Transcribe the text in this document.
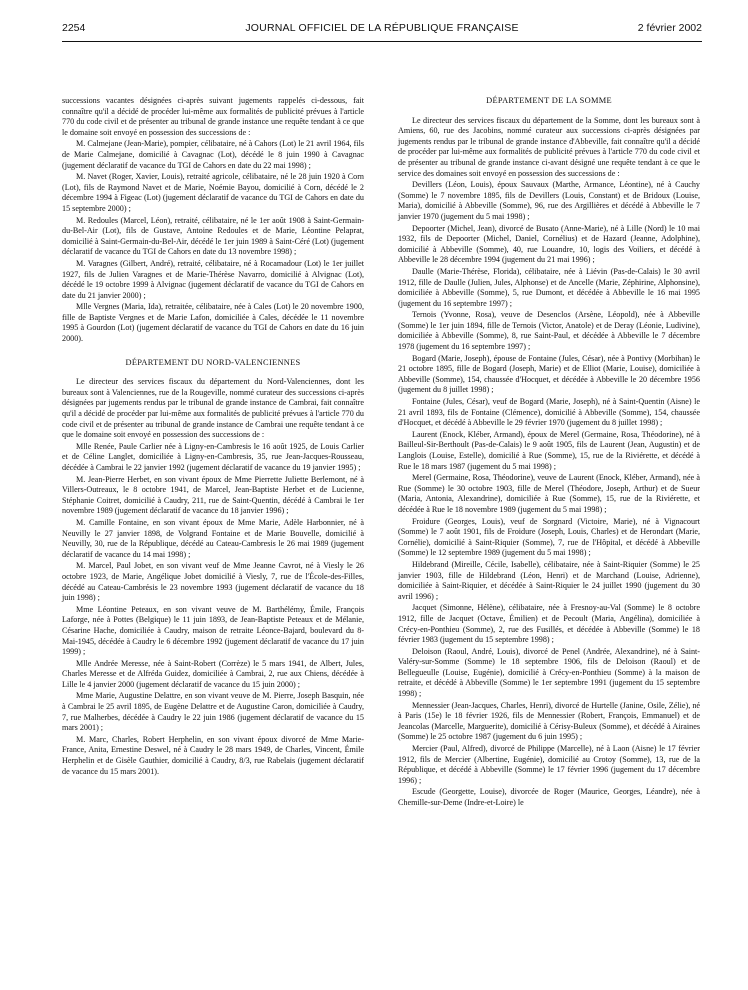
2254	JOURNAL OFFICIEL DE LA RÉPUBLIQUE FRANÇAISE	2 février 2002

successions vacantes désignées ci-après suivant jugements rappelés ci-dessous, fait connaître qu'il a décidé de procéder lui-même aux formalités de publicité prévues à l'article 770 du code civil et de présenter au tribunal de grande instance une requête tendant à ce que le domaine soit envoyé en possession des successions de :

M. Calmejane (Jean-Marie), pompier, célibataire, né à Cahors (Lot) le 21 avril 1964, fils de Marie Calmejane, domicilié à Cavagnac (Lot), décédé le 8 juin 1990 à Cavagnac (jugement déclaratif de vacance du TGI de Cahors en date du 22 mai 1998) ;

M. Navet (Roger, Xavier, Louis), retraité agricole, célibataire, né le 28 juin 1920 à Corn (Lot), fils de Raymond Navet et de Marie, Noémie Bayou, domicilié à Corn, décédé le 2 décembre 1994 à Figeac (Lot) (jugement déclaratif de vacance du TGI de Cahors en date du 15 septembre 2000) ;

M. Redoules (Marcel, Léon), retraité, célibataire, né le 1er août 1908 à Saint-Germain-du-Bel-Air (Lot), fils de Gustave, Antoine Redoules et de Marie, Léontine Pelaprat, domicilié à Saint-Germain-du-Bel-Air, décédé le 1er juin 1989 à Saint-Céré (Lot) (jugement déclaratif de vacance du TGI de Cahors en date du 13 novembre 1998) ;

M. Varagnes (Gilbert, André), retraité, célibataire, né à Rocamadour (Lot) le 1er juillet 1927, fils de Julien Varagnes et de Marie-Thérèse Navarro, domicilié à Alvignac (Lot), décédé le 19 octobre 1999 à Alvignac (jugement déclaratif de vacance du TGI de Cahors en date du 21 janvier 2000) ;

Mlle Vergnes (Maria, Ida), retraitée, célibataire, née à Cales (Lot) le 20 novembre 1900, fille de Baptiste Vergnes et de Marie Lafon, domiciliée à Cales, décédée le 11 novembre 1995 à Gourdon (Lot) (jugement déclaratif de vacance du TGI de Cahors en date du 16 juin 2000).

DÉPARTEMENT DU NORD-VALENCIENNES

Le directeur des services fiscaux du département du Nord-Valenciennes, dont les bureaux sont à Valenciennes, rue de la Rougeville, nommé curateur des successions ci-après désignées par jugements rendus par le tribunal de grande instance de Cambrai, fait connaître qu'il a décidé de procéder par lui-même aux formalités de publicité prévues à l'article 770 du code civil et de présenter au tribunal de grande instance de Cambrai une requête tendant à ce que le domaine soit envoyé en possession des successions de :

Mlle Renée, Paule Carlier née à Ligny-en-Cambresis le 16 août 1925, de Louis Carlier et de Céline Langlet, domiciliée à Ligny-en-Cambresis, 35, rue Jean-Jacques-Rousseau, décédée à Cambrai le 22 janvier 1992 (jugement déclaratif de vacance du 19 janvier 1995) ;

M. Jean-Pierre Herbet, en son vivant époux de Mme Pierrette Juliette Berlemont, né à Villers-Outreaux, le 8 octobre 1941, de Marcel, Jean-Baptiste Herbet et de Lucienne, Stéphanie Coitret, domicilié à Caudry, 211, rue de Saint-Quentin, décédé à Cambrai le 1er novembre 1989 (jugement déclaratif de vacance du 18 janvier 1996) ;

M. Camille Fontaine, en son vivant époux de Mme Marie, Adèle Harbonnier, né à Neuvilly le 27 janvier 1898, de Volgrand Fontaine et de Marie Bouvelle, domicilié à Neuvilly, 30, rue de la République, décédé au Cateau-Cambresis le 26 mai 1989 (jugement déclaratif de vacance du 14 mai 1998) ;

M. Marcel, Paul Jobet, en son vivant veuf de Mme Jeanne Cavrot, né à Viesly le 26 octobre 1923, de Marie, Angélique Jobet domicilié à Viesly, 7, rue de l'École-des-Filles, décédé au Cateau-Cambrésis le 23 novembre 1993 (jugement déclaratif de vacance du 18 juin 1998) ;

Mme Léontine Peteaux, en son vivant veuve de M. Barthélémy, Émile, François Laforge, née à Pottes (Belgique) le 11 juin 1893, de Jean-Baptiste Peteaux et de Mélanie, Césarine Hache, domiciliée à Caudry, maison de retraite Léonce-Bajard, boulevard du 8-Mai-1945, décédée à Caudry le 6 décembre 1992 (jugement déclaratif de vacance du 17 juin 1999) ;

Mlle Andrée Meresse, née à Saint-Robert (Corrèze) le 5 mars 1941, de Albert, Jules, Charles Meresse et de Alfréda Guidez, domiciliée à Cambrai, 2, rue aux Chiens, décédée à Lille le 4 janvier 2000 (jugement déclaratif de vacance du 15 juin 2000) ;

Mme Marie, Augustine Delattre, en son vivant veuve de M. Pierre, Joseph Basquin, née à Cambrai le 25 avril 1895, de Eugène Delattre et de Augustine Caron, domiciliée à Caudry, 7, rue Malherbes, décédée à Caudry le 22 juin 1986 (jugement déclaratif de vacance du 15 mars 2001) ;

M. Marc, Charles, Robert Herphelin, en son vivant époux divorcé de Mme Marie-France, Anita, Ernestine Deswel, né à Caudry le 28 mars 1949, de Charles, Vincent, Émile Herphelin et de Gisèle Gauthier, domicilié à Caudry, 8/3, rue Rabelais (jugement déclaratif de vacance du 15 mars 2001).

DÉPARTEMENT DE LA SOMME

Le directeur des services fiscaux du département de la Somme, dont les bureaux sont à Amiens, 60, rue des Jacobins, nommé curateur aux successions ci-après désignées par jugements rendus par le tribunal de grande instance d'Abbeville, fait connaître qu'il a décidé de procéder par lui-même aux formalités de publicité prévues à l'article 770 du code civil et de présenter au tribunal de grande instance ci-avant désigné une requête tendant à ce que le service des domaines soit envoyé en possession des successions de :

Devillers (Léon, Louis), époux Sauvaux (Marthe, Armance, Léontine), né à Cauchy (Somme) le 7 novembre 1895, fils de Devillers (Louis, Constant) et de Bridoux (Louise, Maria), domicilié à Abbeville (Somme), 96, rue des Argillières et décédé à Abbeville le 7 janvier 1970 (jugement du 5 mai 1998) ;

Depoorter (Michel, Jean), divorcé de Busato (Anne-Marie), né à Lille (Nord) le 10 mai 1932, fils de Depoorter (Michel, Daniel, Cornélius) et de Hazard (Jeanne, Adolphine), domicilié à Abbeville (Somme), 40, rue Louandre, 10, logis des Voiliers, et décédé à Abbeville le 28 décembre 1994 (jugement du 21 mai 1996) ;

Daulle (Marie-Thérèse, Florida), célibataire, née à Liévin (Pas-de-Calais) le 30 avril 1912, fille de Daulle (Julien, Jules, Alphonse) et de Ancelle (Marie, Zéphirine, Alphonsine), domiciliée à Abbeville (Somme), 5, rue Dumont, et décédée à Abbeville le 16 mai 1995 (jugement du 16 septembre 1997) ;

Ternois (Yvonne, Rosa), veuve de Desenclos (Arsène, Léopold), née à Abbeville (Somme) le 1er juin 1894, fille de Ternois (Victor, Anatole) et de Deray (Léonie, Ludivine), domiciliée à Abbeville (Somme), 8, rue Saint-Paul, et décédée à Abbeville le 7 décembre 1978 (jugement du 16 septembre 1997) ;

Bogard (Marie, Joseph), épouse de Fontaine (Jules, César), née à Pontivy (Morbihan) le 21 octobre 1895, fille de Bogard (Joseph, Marie) et de Elliot (Marie, Louise), domiciliée à Abbeville (Somme), 154, chaussée d'Hocquet, et décédée à Abbeville le 20 décembre 1956 (jugement du 8 juillet 1998) ;

Fontaine (Jules, César), veuf de Bogard (Marie, Joseph), né à Saint-Quentin (Aisne) le 21 avril 1893, fils de Fontaine (Clémence), domicilié à Abbeville (Somme), 154, chaussée d'Hocquet, et décédé à Abbeville le 29 février 1970 (jugement du 8 juillet 1998) ;

Laurent (Enock, Kléber, Armand), époux de Merel (Germaine, Rosa, Théodorine), né à Bailleul-Sir-Berthoult (Pas-de-Calais) le 9 août 1905, fils de Laurent (Jean, Augustin) et de Langlois (Louise, Estelle), domicilié à Rue (Somme), 15, rue de la Riviérette, et décédé à Rue le 18 mars 1987 (jugement du 5 mai 1998) ;

Merel (Germaine, Rosa, Théodorine), veuve de Laurent (Enock, Kléber, Armand), née à Rue (Somme) le 30 octobre 1903, fille de Merel (Théodore, Joseph, Arthur) et de Sueur (Maria, Antonia, Alexandrine), domiciliée à Rue (Somme), 15, rue de la Riviérette, et décédée à Rue le 18 novembre 1989 (jugement du 5 mai 1998) ;

Froidure (Georges, Louis), veuf de Sorgnard (Victoire, Marie), né à Vignacourt (Somme) le 7 août 1901, fils de Froidure (Joseph, Louis, Charles) et de Herondart (Marie, Cornélie), domicilié à Saint-Riquier (Somme), 7, rue de l'Hôpital, et décédé à Abbeville (Somme) le 12 septembre 1989 (jugement du 5 mai 1998) ;

Hildebrand (Mireille, Cécile, Isabelle), célibataire, née à Saint-Riquier (Somme) le 25 janvier 1903, fille de Hildebrand (Léon, Henri) et de Marchand (Louise, Adrienne), domiciliée à Saint-Riquier, et décédée à Saint-Riquier le 24 juillet 1990 (jugement du 30 avril 1996) ;

Jacquet (Simonne, Hélène), célibataire, née à Fresnoy-au-Val (Somme) le 8 octobre 1912, fille de Jacquet (Octave, Émilien) et de Pecoult (Maria, Angélina), domiciliée à Crécy-en-Ponthieu (Somme), 2, rue des Fusillés, et décédée à Abbeville (Somme) le 18 février 1983 (jugement du 15 septembre 1998) ;

Deloison (Raoul, André, Louis), divorcé de Penel (Andrée, Alexandrine), né à Saint-Valéry-sur-Somme (Somme) le 18 septembre 1906, fils de Deloison (Raoul) et de Bellegueulle (Louise, Eugénie), domicilié à Crécy-en-Ponthieu (Somme) à la maison de retraite, et décédé à Abbeville (Somme) le 1er septembre 1991 (jugement du 15 septembre 1998) ;

Mennessier (Jean-Jacques, Charles, Henri), divorcé de Hurtelle (Janine, Osile, Zélie), né à Paris (15e) le 18 février 1926, fils de Mennessier (Robert, François, Emmanuel) et de Jeancolas (Marcelle, Marguerite), domicilié à Cérisy-Buleux (Somme), et décédé à Airaines (Somme) le 25 octobre 1987 (jugement du 6 juin 1995) ;

Mercier (Paul, Alfred), divorcé de Philippe (Marcelle), né à Laon (Aisne) le 17 février 1912, fils de Mercier (Albertine, Eugénie), domicilié au Crotoy (Somme), 13, rue de la République, et décédé à Abbeville (Somme) le 17 février 1996 (jugement du 17 décembre 1996) ;

Escude (Georgette, Louise), divorcée de Roger (Maurice, Georges, Léandre), née à Chemille-sur-Deme (Indre-et-Loire) le
